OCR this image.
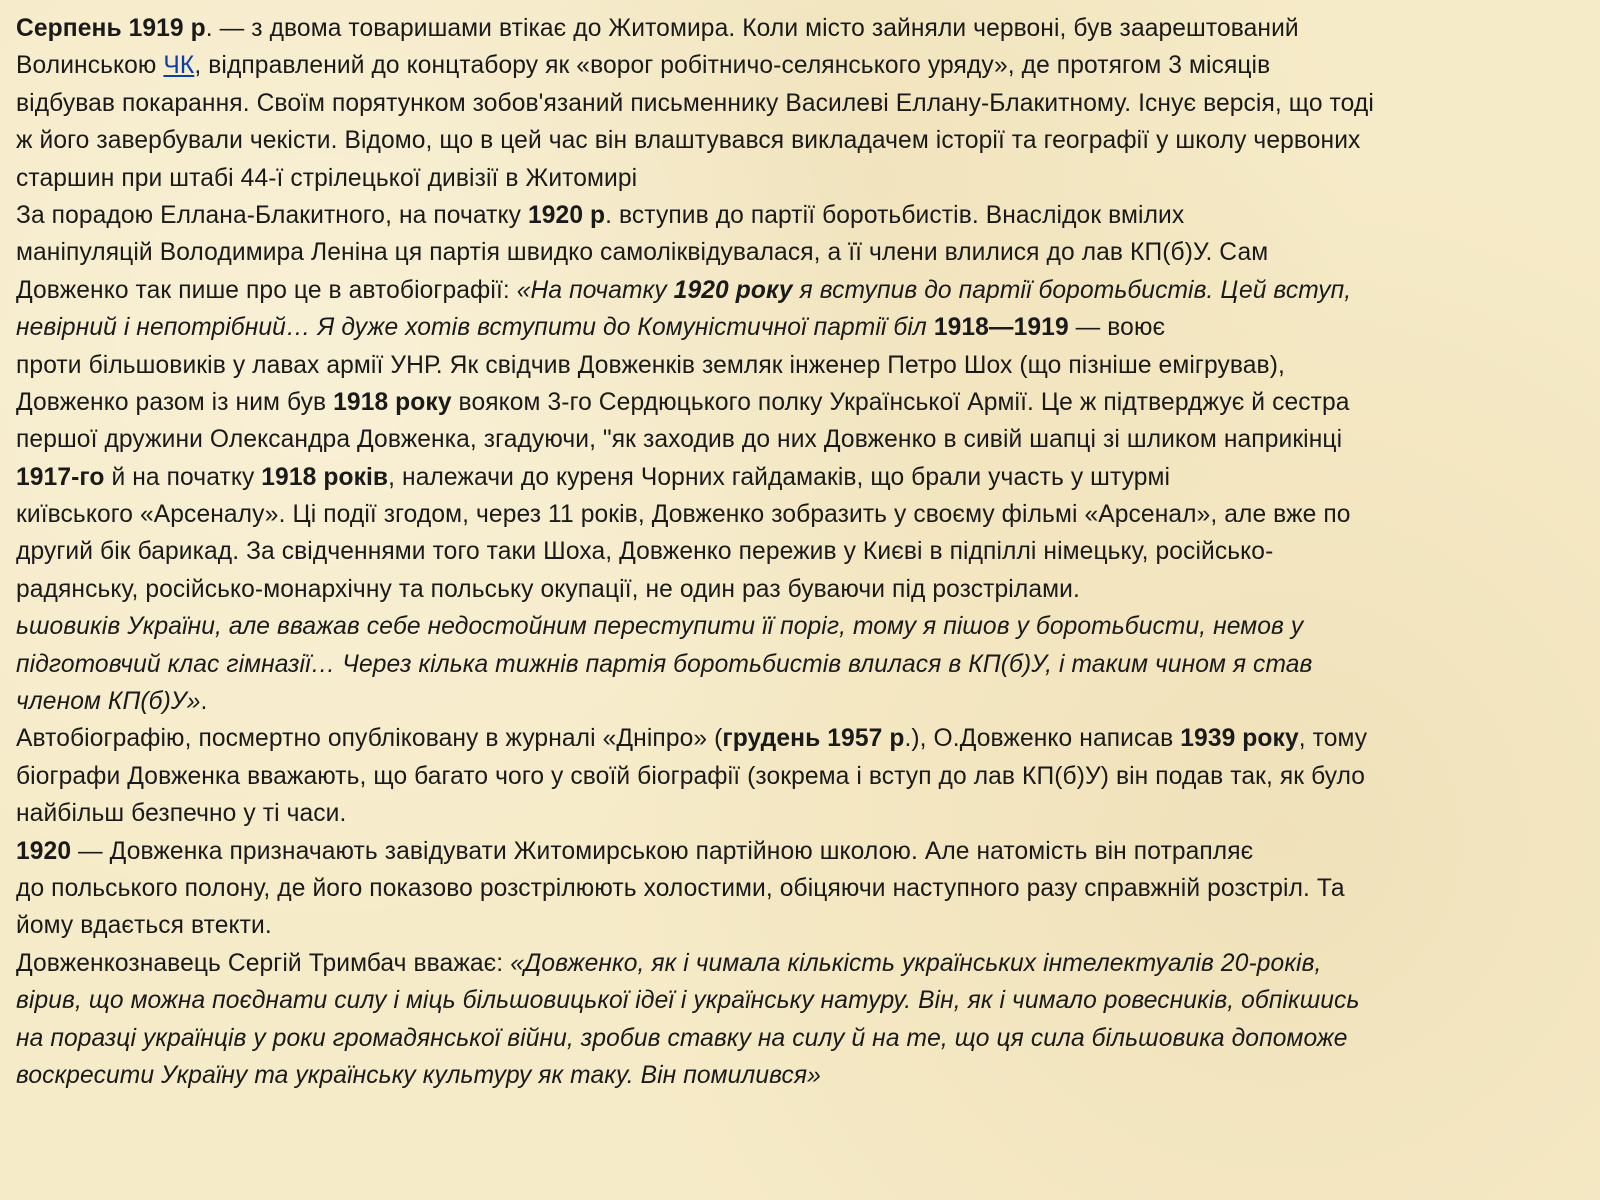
Серпень 1919 р. — з двома товаришами втікає до Житомира. Коли місто зайняли червоні, був заарештований
Волинською ЧК, відправлений до концтабору як «ворог робітничо-селянського уряду», де протягом 3 місяців
відбував покарання. Своїм порятунком зобов'язаний письменнику Василеві Еллану-Блакитному. Існує версія, що тоді
ж його завербували чекісти. Відомо, що в цей час він влаштувався викладачем історії та географії у школу червоних
старшин при штабі 44-ї стрілецької дивізії в Житомирі
За порадою Еллана-Блакитного, на початку 1920 р. вступив до партії боротьбистів. Внаслідок вмілих
маніпуляцій Володимира Леніна ця партія швидко самоліквідувалася, а її члени влилися до лав КП(б)У. Сам
Довженко так пише про це в автобіографії: «На початку 1920 року я вступив до партії боротьбистів. Цей вступ,
невірний і непотрібний… Я дуже хотів вступити до Комуністичної партії біл 1918—1919 — воює
проти більшовиків у лавах армії УНР. Як свідчив Довженків земляк інженер Петро Шох (що пізніше емігрував),
Довженко разом із ним був 1918 року вояком 3-го Сердюцького полку Української Армії. Це ж підтверджує й сестра
першої дружини Олександра Довженка, згадуючи, "як заходив до них Довженко в сивій шапці зі шликом наприкінці
1917-го й на початку 1918 років, належачи до куреня Чорних гайдамаків, що брали участь у штурмі
київського «Арсеналу». Ці події згодом, через 11 років, Довженко зобразить у своєму фільмі «Арсенал», але вже по
другий бік барикад. За свідченнями того таки Шоха, Довженко пережив у Києві в підпіллі німецьку, російсько-
радянську, російсько-монархічну та польську окупації, не один раз буваючи під розстрілами.
ьшовиків України, але вважав себе недостойним переступити її поріг, тому я пішов у боротьбисти, немов у
підготовчий клас гімназії… Через кілька тижнів партія боротьбистів влилася в КП(б)У, і таким чином я став
членом КП(б)У».
Автобіографію, посмертно опубліковану в журналі «Дніпро» (грудень 1957 р.), О.Довженко написав 1939 року, тому
біографи Довженка вважають, що багато чого у своїй біографії (зокрема і вступ до лав КП(б)У) він подав так, як було
найбільш безпечно у ті часи.
1920 — Довженка призначають завідувати Житомирською партійною школою. Але натомість він потрапляє
до польського полону, де його показово розстрілюють холостими, обіцяючи наступного разу справжній розстріл. Та
йому вдається втекти.
Довженкознавець Сергій Тримбач вважає: «Довженко, як і чимала кількість українських інтелектуалів 20-років,
вірив, що можна поєднати силу і міць більшовицької ідеї і українську натуру. Він, як і чимало ровесників, обпікшись
на поразці українців у роки громадянської війни, зробив ставку на силу й на те, що ця сила більшовика допоможе
воскресити Україну та українську культуру як таку. Він помилився»
